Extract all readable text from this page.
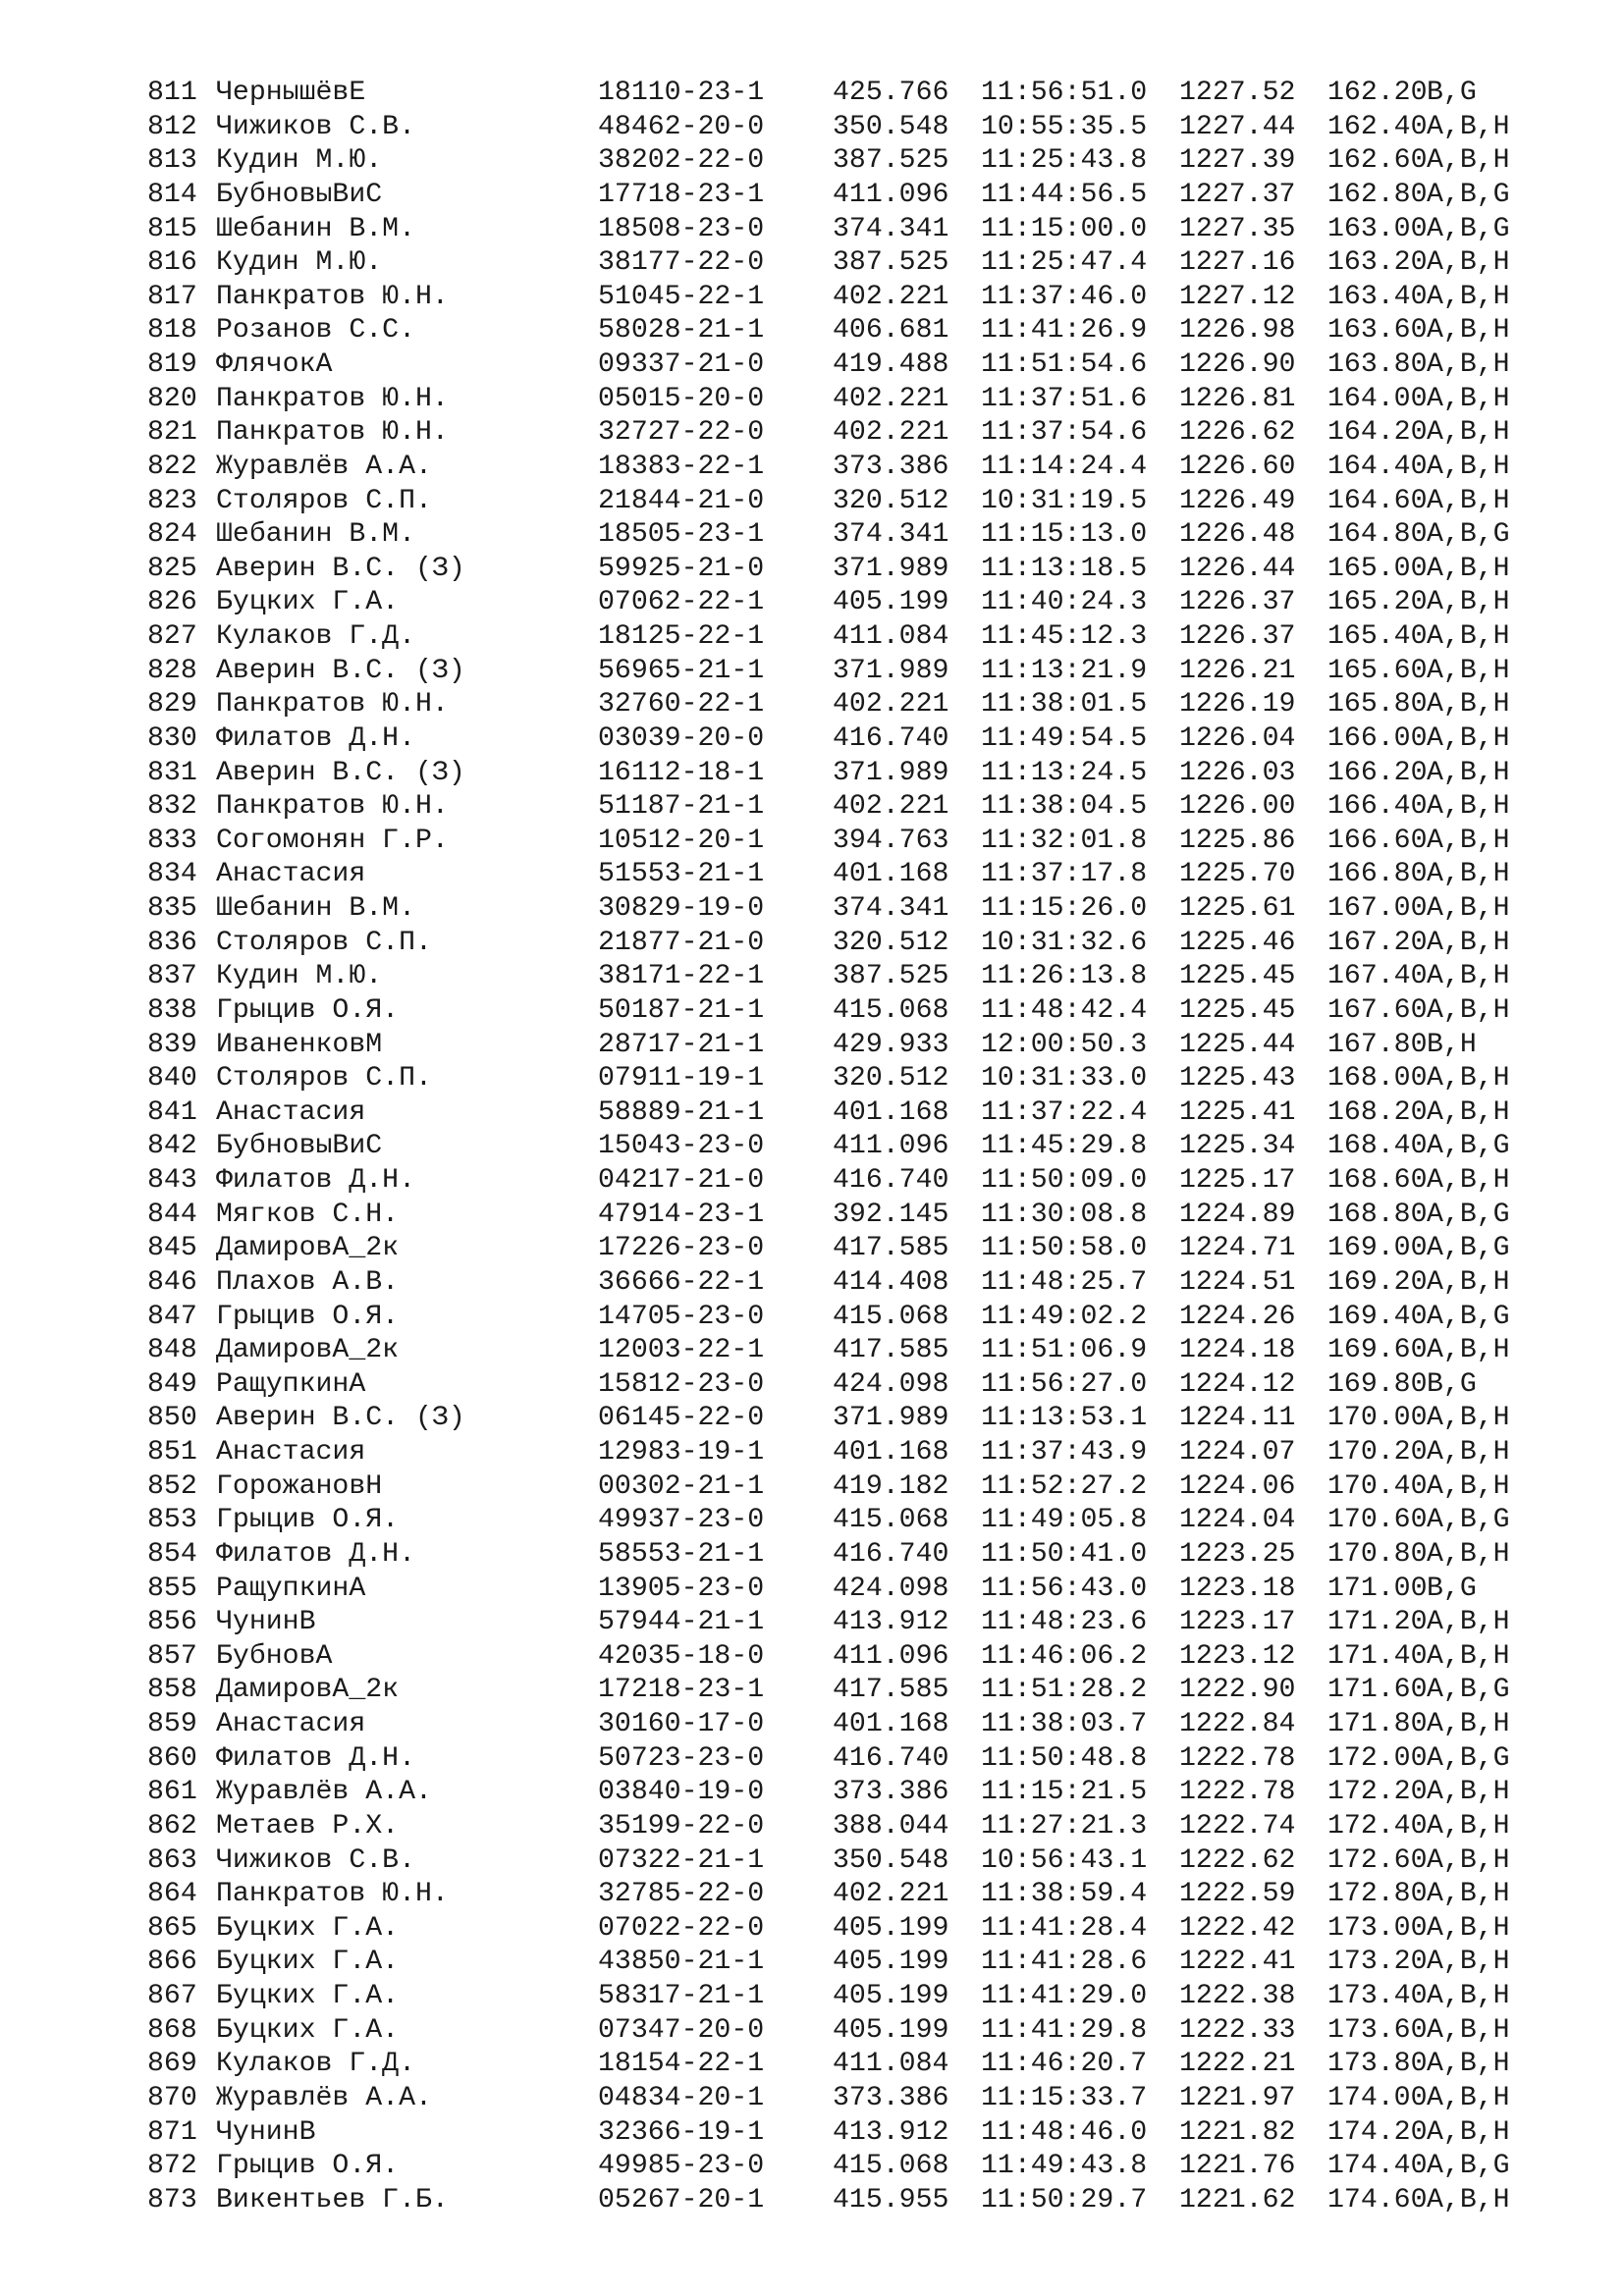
811 ЧернышёвЕ	18110-23-1 425.766 11:56:51.0 1227.52 162.20 B,G
812 Чижиков С.В.	48462-20-0 350.548 10:55:35.5 1227.44 162.40 A,B,H
813 Кудин М.Ю.	38202-22-0 387.525 11:25:43.8 1227.39 162.60 A,B,H
814 БубновыВиС	17718-23-1 411.096 11:44:56.5 1227.37 162.80 A,B,G
815 Шебанин В.М.	18508-23-0 374.341 11:15:00.0 1227.35 163.00 A,B,G
816 Кудин М.Ю.	38177-22-0 387.525 11:25:47.4 1227.16 163.20 A,B,H
817 Панкратов Ю.Н.	51045-22-1 402.221 11:37:46.0 1227.12 163.40 A,B,H
818 Розанов С.С.	58028-21-1 406.681 11:41:26.9 1226.98 163.60 A,B,H
819 ФлячокА	09337-21-0 419.488 11:51:54.6 1226.90 163.80 A,B,H
820 Панкратов Ю.Н.	05015-20-0 402.221 11:37:51.6 1226.81 164.00 A,B,H
821 Панкратов Ю.Н.	32727-22-0 402.221 11:37:54.6 1226.62 164.20 A,B,H
822 Журавлёв А.А.	18383-22-1 373.386 11:14:24.4 1226.60 164.40 A,B,H
823 Столяров С.П.	21844-21-0 320.512 10:31:19.5 1226.49 164.60 A,B,H
824 Шебанин В.М.	18505-23-1 374.341 11:15:13.0 1226.48 164.80 A,B,G
825 Аверин В.С. (З)	59925-21-0 371.989 11:13:18.5 1226.44 165.00 A,B,H
826 Буцких Г.А.	07062-22-1 405.199 11:40:24.3 1226.37 165.20 A,B,H
827 Кулаков Г.Д.	18125-22-1 411.084 11:45:12.3 1226.37 165.40 A,B,H
828 Аверин В.С. (З)	56965-21-1 371.989 11:13:21.9 1226.21 165.60 A,B,H
829 Панкратов Ю.Н.	32760-22-1 402.221 11:38:01.5 1226.19 165.80 A,B,H
830 Филатов Д.Н.	03039-20-0 416.740 11:49:54.5 1226.04 166.00 A,B,H
831 Аверин В.С. (З)	16112-18-1 371.989 11:13:24.5 1226.03 166.20 A,B,H
832 Панкратов Ю.Н.	51187-21-1 402.221 11:38:04.5 1226.00 166.40 A,B,H
833 Согомонян Г.Р.	10512-20-1 394.763 11:32:01.8 1225.86 166.60 A,B,H
834 Анастасия	51553-21-1 401.168 11:37:17.8 1225.70 166.80 A,B,H
835 Шебанин В.М.	30829-19-0 374.341 11:15:26.0 1225.61 167.00 A,B,H
836 Столяров С.П.	21877-21-0 320.512 10:31:32.6 1225.46 167.20 A,B,H
837 Кудин М.Ю.	38171-22-1 387.525 11:26:13.8 1225.45 167.40 A,B,H
838 Грыцив О.Я.	50187-21-1 415.068 11:48:42.4 1225.45 167.60 A,B,H
839 ИваненковМ	28717-21-1 429.933 12:00:50.3 1225.44 167.80 B,H
840 Столяров С.П.	07911-19-1 320.512 10:31:33.0 1225.43 168.00 A,B,H
841 Анастасия	58889-21-1 401.168 11:37:22.4 1225.41 168.20 A,B,H
842 БубновыВиС	15043-23-0 411.096 11:45:29.8 1225.34 168.40 A,B,G
843 Филатов Д.Н.	04217-21-0 416.740 11:50:09.0 1225.17 168.60 A,B,H
844 Мягков С.Н.	47914-23-1 392.145 11:30:08.8 1224.89 168.80 A,B,G
845 ДамировА_2к	17226-23-0 417.585 11:50:58.0 1224.71 169.00 A,B,G
846 Плахов А.В.	36666-22-1 414.408 11:48:25.7 1224.51 169.20 A,B,H
847 Грыцив О.Я.	14705-23-0 415.068 11:49:02.2 1224.26 169.40 A,B,G
848 ДамировА_2к	12003-22-1 417.585 11:51:06.9 1224.18 169.60 A,B,H
849 РащупкинА	15812-23-0 424.098 11:56:27.0 1224.12 169.80 B,G
850 Аверин В.С. (З)	06145-22-0 371.989 11:13:53.1 1224.11 170.00 A,B,H
851 Анастасия	12983-19-1 401.168 11:37:43.9 1224.07 170.20 A,B,H
852 ГорожановН	00302-21-1 419.182 11:52:27.2 1224.06 170.40 A,B,H
853 Грыцив О.Я.	49937-23-0 415.068 11:49:05.8 1224.04 170.60 A,B,G
854 Филатов Д.Н.	58553-21-1 416.740 11:50:41.0 1223.25 170.80 A,B,H
855 РащупкинА	13905-23-0 424.098 11:56:43.0 1223.18 171.00 B,G
856 ЧунинВ	57944-21-1 413.912 11:48:23.6 1223.17 171.20 A,B,H
857 БубновА	42035-18-0 411.096 11:46:06.2 1223.12 171.40 A,B,H
858 ДамировА_2к	17218-23-1 417.585 11:51:28.2 1222.90 171.60 A,B,G
859 Анастасия	30160-17-0 401.168 11:38:03.7 1222.84 171.80 A,B,H
860 Филатов Д.Н.	50723-23-0 416.740 11:50:48.8 1222.78 172.00 A,B,G
861 Журавлёв А.А.	03840-19-0 373.386 11:15:21.5 1222.78 172.20 A,B,H
862 Метаев Р.Х.	35199-22-0 388.044 11:27:21.3 1222.74 172.40 A,B,H
863 Чижиков С.В.	07322-21-1 350.548 10:56:43.1 1222.62 172.60 A,B,H
864 Панкратов Ю.Н.	32785-22-0 402.221 11:38:59.4 1222.59 172.80 A,B,H
865 Буцких Г.А.	07022-22-0 405.199 11:41:28.4 1222.42 173.00 A,B,H
866 Буцких Г.А.	43850-21-1 405.199 11:41:28.6 1222.41 173.20 A,B,H
867 Буцких Г.А.	58317-21-1 405.199 11:41:29.0 1222.38 173.40 A,B,H
868 Буцких Г.А.	07347-20-0 405.199 11:41:29.8 1222.33 173.60 A,B,H
869 Кулаков Г.Д.	18154-22-1 411.084 11:46:20.7 1222.21 173.80 A,B,H
870 Журавлёв А.А.	04834-20-1 373.386 11:15:33.7 1221.97 174.00 A,B,H
871 ЧунинВ	32366-19-1 413.912 11:48:46.0 1221.82 174.20 A,B,H
872 Грыцив О.Я.	49985-23-0 415.068 11:49:43.8 1221.76 174.40 A,B,G
873 Викентьев Г.Б.	05267-20-1 415.955 11:50:29.7 1221.62 174.60 A,B,H
